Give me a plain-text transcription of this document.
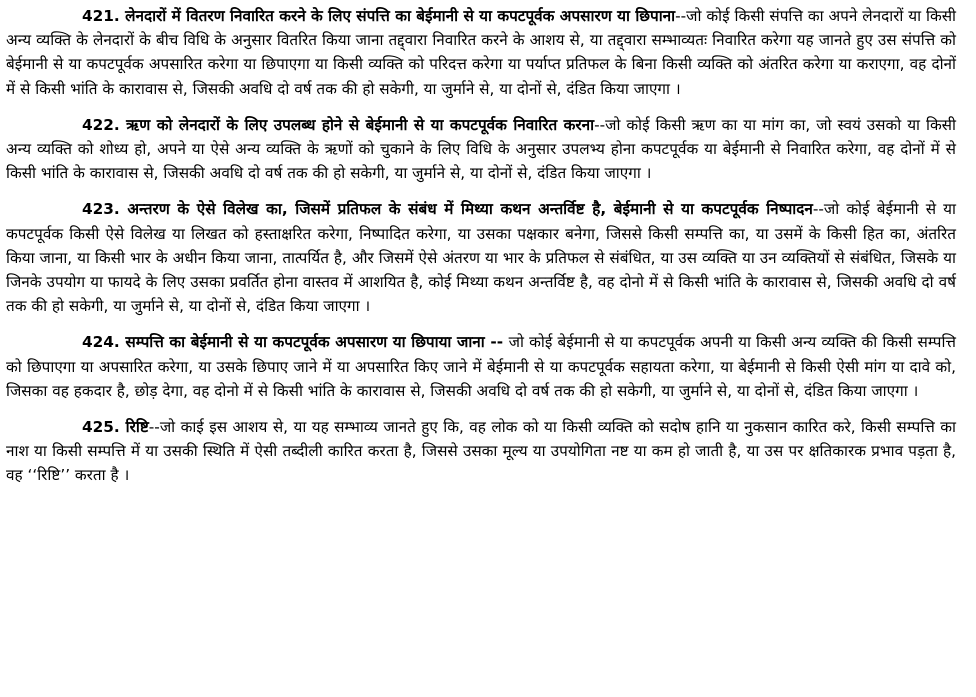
421. लेनदारों में वितरण निवारित करने के लिए संपत्ति का बेईमानी से या कपटपूर्वक अपसारण या छिपाना--जो कोई किसी संपत्ति का अपने लेनदारों या किसी अन्य व्यक्ति के लेनदारों के बीच विधि के अनुसार वितरित किया जाना तद्द्वारा निवारित करने के आशय से, या तद्द्वारा सम्भाव्यतः निवारित करेगा यह जानते हुए उस संपत्ति को बेईमानी से या कपटपूर्वक अपसारित करेगा या छिपाएगा या किसी व्यक्ति को परिदत्त करेगा या पर्याप्त प्रतिफल के बिना किसी व्यक्ति को अंतरित करेगा या कराएगा, वह दोनों में से किसी भांति के कारावास से, जिसकी अवधि दो वर्ष तक की हो सकेगी, या जुर्माने से, या दोनों से, दंडित किया जाएगा ।

422. ऋण को लेनदारों के लिए उपलब्ध होने से बेईमानी से या कपटपूर्वक निवारित करना--जो कोई किसी ऋण का या मांग का, जो स्वयं उसको या किसी अन्य व्यक्ति को शोध्य हो, अपने या ऐसे अन्य व्यक्ति के ऋणों को चुकाने के लिए विधि के अनुसार उपलभ्य होना कपटपूर्वक या बेईमानी से निवारित करेगा, वह दोनों में से किसी भांति के कारावास से, जिसकी अवधि दो वर्ष तक की हो सकेगी, या जुर्माने से, या दोनों से, दंडित किया जाएगा ।

423. अन्तरण के ऐसे विलेख का, जिसमें प्रतिफल के संबंध में मिथ्या कथन अन्तर्विष्ट है, बेईमानी से या कपटपूर्वक निष्पादन--जो कोई बेईमानी से या कपटपूर्वक किसी ऐसे विलेख या लिखत को हस्ताक्षरित करेगा, निष्पादित करेगा, या उसका पक्षकार बनेगा, जिससे किसी सम्पत्ति का, या उसमें के किसी हित का, अंतरित किया जाना, या किसी भार के अधीन किया जाना, तात्पर्यित है, और जिसमें ऐसे अंतरण या भार के प्रतिफल से संबंधित, या उस व्यक्ति या उन व्यक्तियों से संबंधित, जिसके या जिनके उपयोग या फायदे के लिए उसका प्रवर्तित होना वास्तव में आशयित है, कोई मिथ्या कथन अन्तर्विष्ट है, वह दोनो में से किसी भांति के कारावास से, जिसकी अवधि दो वर्ष तक की हो सकेगी, या जुर्माने से, या दोनों से, दंडित किया जाएगा ।

424. सम्पत्ति का बेईमानी से या कपटपूर्वक अपसारण या छिपाया जाना -- जो कोई बेईमानी से या कपटपूर्वक अपनी या किसी अन्य व्यक्ति की किसी सम्पत्ति को छिपाएगा या अपसारित करेगा, या उसके छिपाए जाने में या अपसारित किए जाने में बेईमानी से या कपटपूर्वक सहायता करेगा, या बेईमानी से किसी ऐसी मांग या दावे को, जिसका वह हकदार है, छोड़ देगा, वह दोनो में से किसी भांति के कारावास से, जिसकी अवधि दो वर्ष तक की हो सकेगी, या जुर्माने से, या दोनों से, दंडित किया जाएगा ।

425. रिष्टि--जो काई इस आशय से, या यह सम्भाव्य जानते हुए कि, वह लोक को या किसी व्यक्ति को सदोष हानि या नुकसान कारित करे, किसी सम्पत्ति का नाश या किसी सम्पत्ति में या उसकी स्थिति में ऐसी तब्दीली कारित करता है, जिससे उसका मूल्य या उपयोगिता नष्ट या कम हो जाती है, या उस पर क्षतिकारक प्रभाव पड़ता है, वह ‘‘रिष्टि’’ करता है ।
